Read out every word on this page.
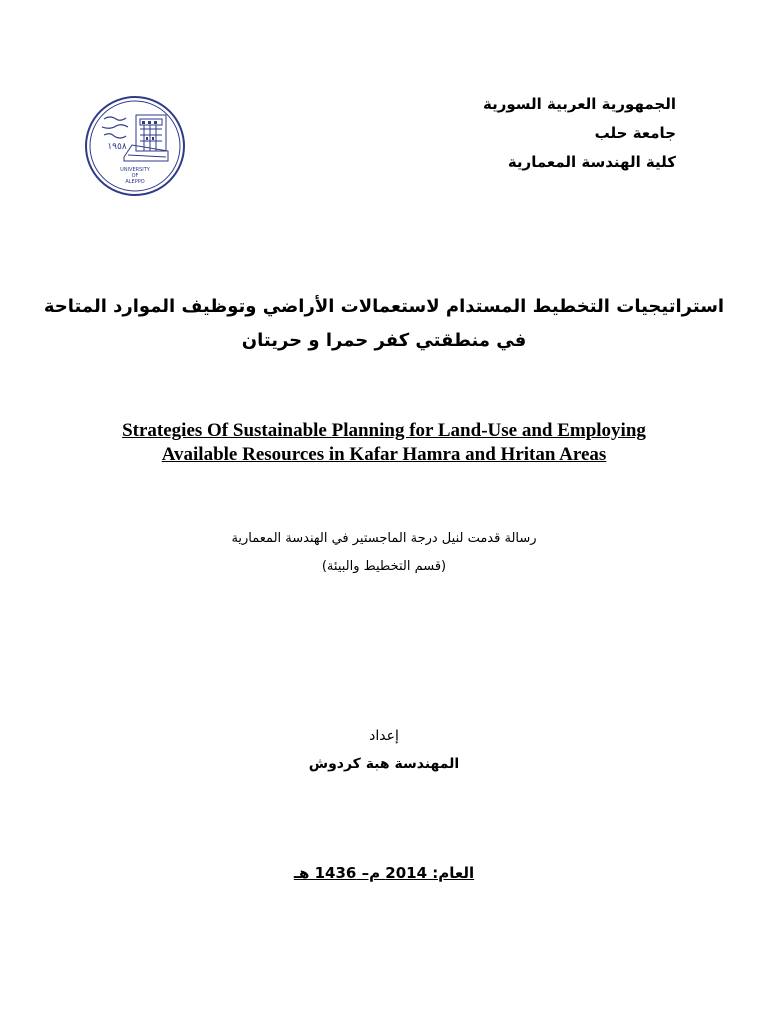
١٩٥٨
UNIVERSITY
OF
ALEPPO
الجمهورية العربية السورية
جامعة حلب
كلية الهندسة المعمارية
استراتيجيات التخطيط المستدام لاستعمالات الأراضي وتوظيف الموارد المتاحة
في منطقتي كفر حمرا و حريتان
Strategies Of Sustainable Planning for Land-Use and Employing
Available Resources in Kafar Hamra and Hritan Areas
رسالة قدمت لنيل درجة الماجستير في الهندسة المعمارية
(قسم التخطيط والبيئة)
إعداد
المهندسة هبة كردوش
العام: 2014 م– 1436 هـ
